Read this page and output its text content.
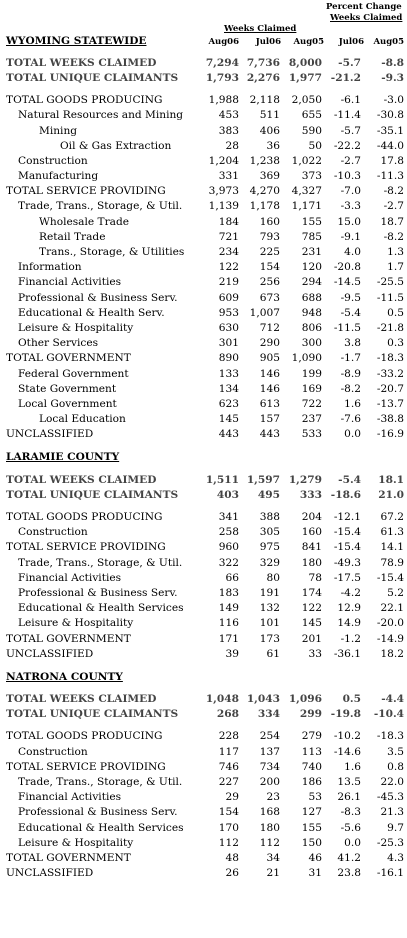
Percent Change
Weeks Claimed
Weeks Claimed
Aug06	Jul06	Aug05	Jul06	Aug05
WYOMING STATEWIDE					

TOTAL WEEKS CLAIMED	7,294	7,736	8,000	-5.7	-8.8
TOTAL UNIQUE CLAIMANTS	1,793	2,276	1,977	-21.2	-9.3

TOTAL GOODS PRODUCING	1,988	2,118	2,050	-6.1	-3.0
Natural Resources and Mining	453	511	655	-11.4	-30.8
Mining	383	406	590	-5.7	-35.1
Oil & Gas Extraction	28	36	50	-22.2	-44.0
Construction	1,204	1,238	1,022	-2.7	17.8
Manufacturing	331	369	373	-10.3	-11.3
TOTAL SERVICE PROVIDING	3,973	4,270	4,327	-7.0	-8.2
Trade, Trans., Storage, & Util.	1,139	1,178	1,171	-3.3	-2.7
Wholesale Trade	184	160	155	15.0	18.7
Retail Trade	721	793	785	-9.1	-8.2
Trans., Storage, & Utilities	234	225	231	4.0	1.3
Information	122	154	120	-20.8	1.7
Financial Activities	219	256	294	-14.5	-25.5
Professional & Business Serv.	609	673	688	-9.5	-11.5
Educational & Health Serv.	953	1,007	948	-5.4	0.5
Leisure & Hospitality	630	712	806	-11.5	-21.8
Other Services	301	290	300	3.8	0.3
TOTAL GOVERNMENT	890	905	1,090	-1.7	-18.3
Federal Government	133	146	199	-8.9	-33.2
State Government	134	146	169	-8.2	-20.7
Local Government	623	613	722	1.6	-13.7
Local Education	145	157	237	-7.6	-38.8
UNCLASSIFIED	443	443	533	0.0	-16.9

LARAMIE COUNTY					

TOTAL WEEKS CLAIMED	1,511	1,597	1,279	-5.4	18.1
TOTAL UNIQUE CLAIMANTS	403	495	333	-18.6	21.0

TOTAL GOODS PRODUCING	341	388	204	-12.1	67.2
Construction	258	305	160	-15.4	61.3
TOTAL SERVICE PROVIDING	960	975	841	-15.4	14.1
Trade, Trans., Storage, & Util.	322	329	180	-49.3	78.9
Financial Activities	66	80	78	-17.5	-15.4
Professional & Business Serv.	183	191	174	-4.2	5.2
Educational & Health Services	149	132	122	12.9	22.1
Leisure & Hospitality	116	101	145	14.9	-20.0
TOTAL GOVERNMENT	171	173	201	-1.2	-14.9
UNCLASSIFIED	39	61	33	-36.1	18.2

NATRONA COUNTY					

TOTAL WEEKS CLAIMED	1,048	1,043	1,096	0.5	-4.4
TOTAL UNIQUE CLAIMANTS	268	334	299	-19.8	-10.4

TOTAL GOODS PRODUCING	228	254	279	-10.2	-18.3
Construction	117	137	113	-14.6	3.5
TOTAL SERVICE PROVIDING	746	734	740	1.6	0.8
Trade, Trans., Storage, & Util.	227	200	186	13.5	22.0
Financial Activities	29	23	53	26.1	-45.3
Professional & Business Serv.	154	168	127	-8.3	21.3
Educational & Health Services	170	180	155	-5.6	9.7
Leisure & Hospitality	112	112	150	0.0	-25.3
TOTAL GOVERNMENT	48	34	46	41.2	4.3
UNCLASSIFIED	26	21	31	23.8	-16.1
